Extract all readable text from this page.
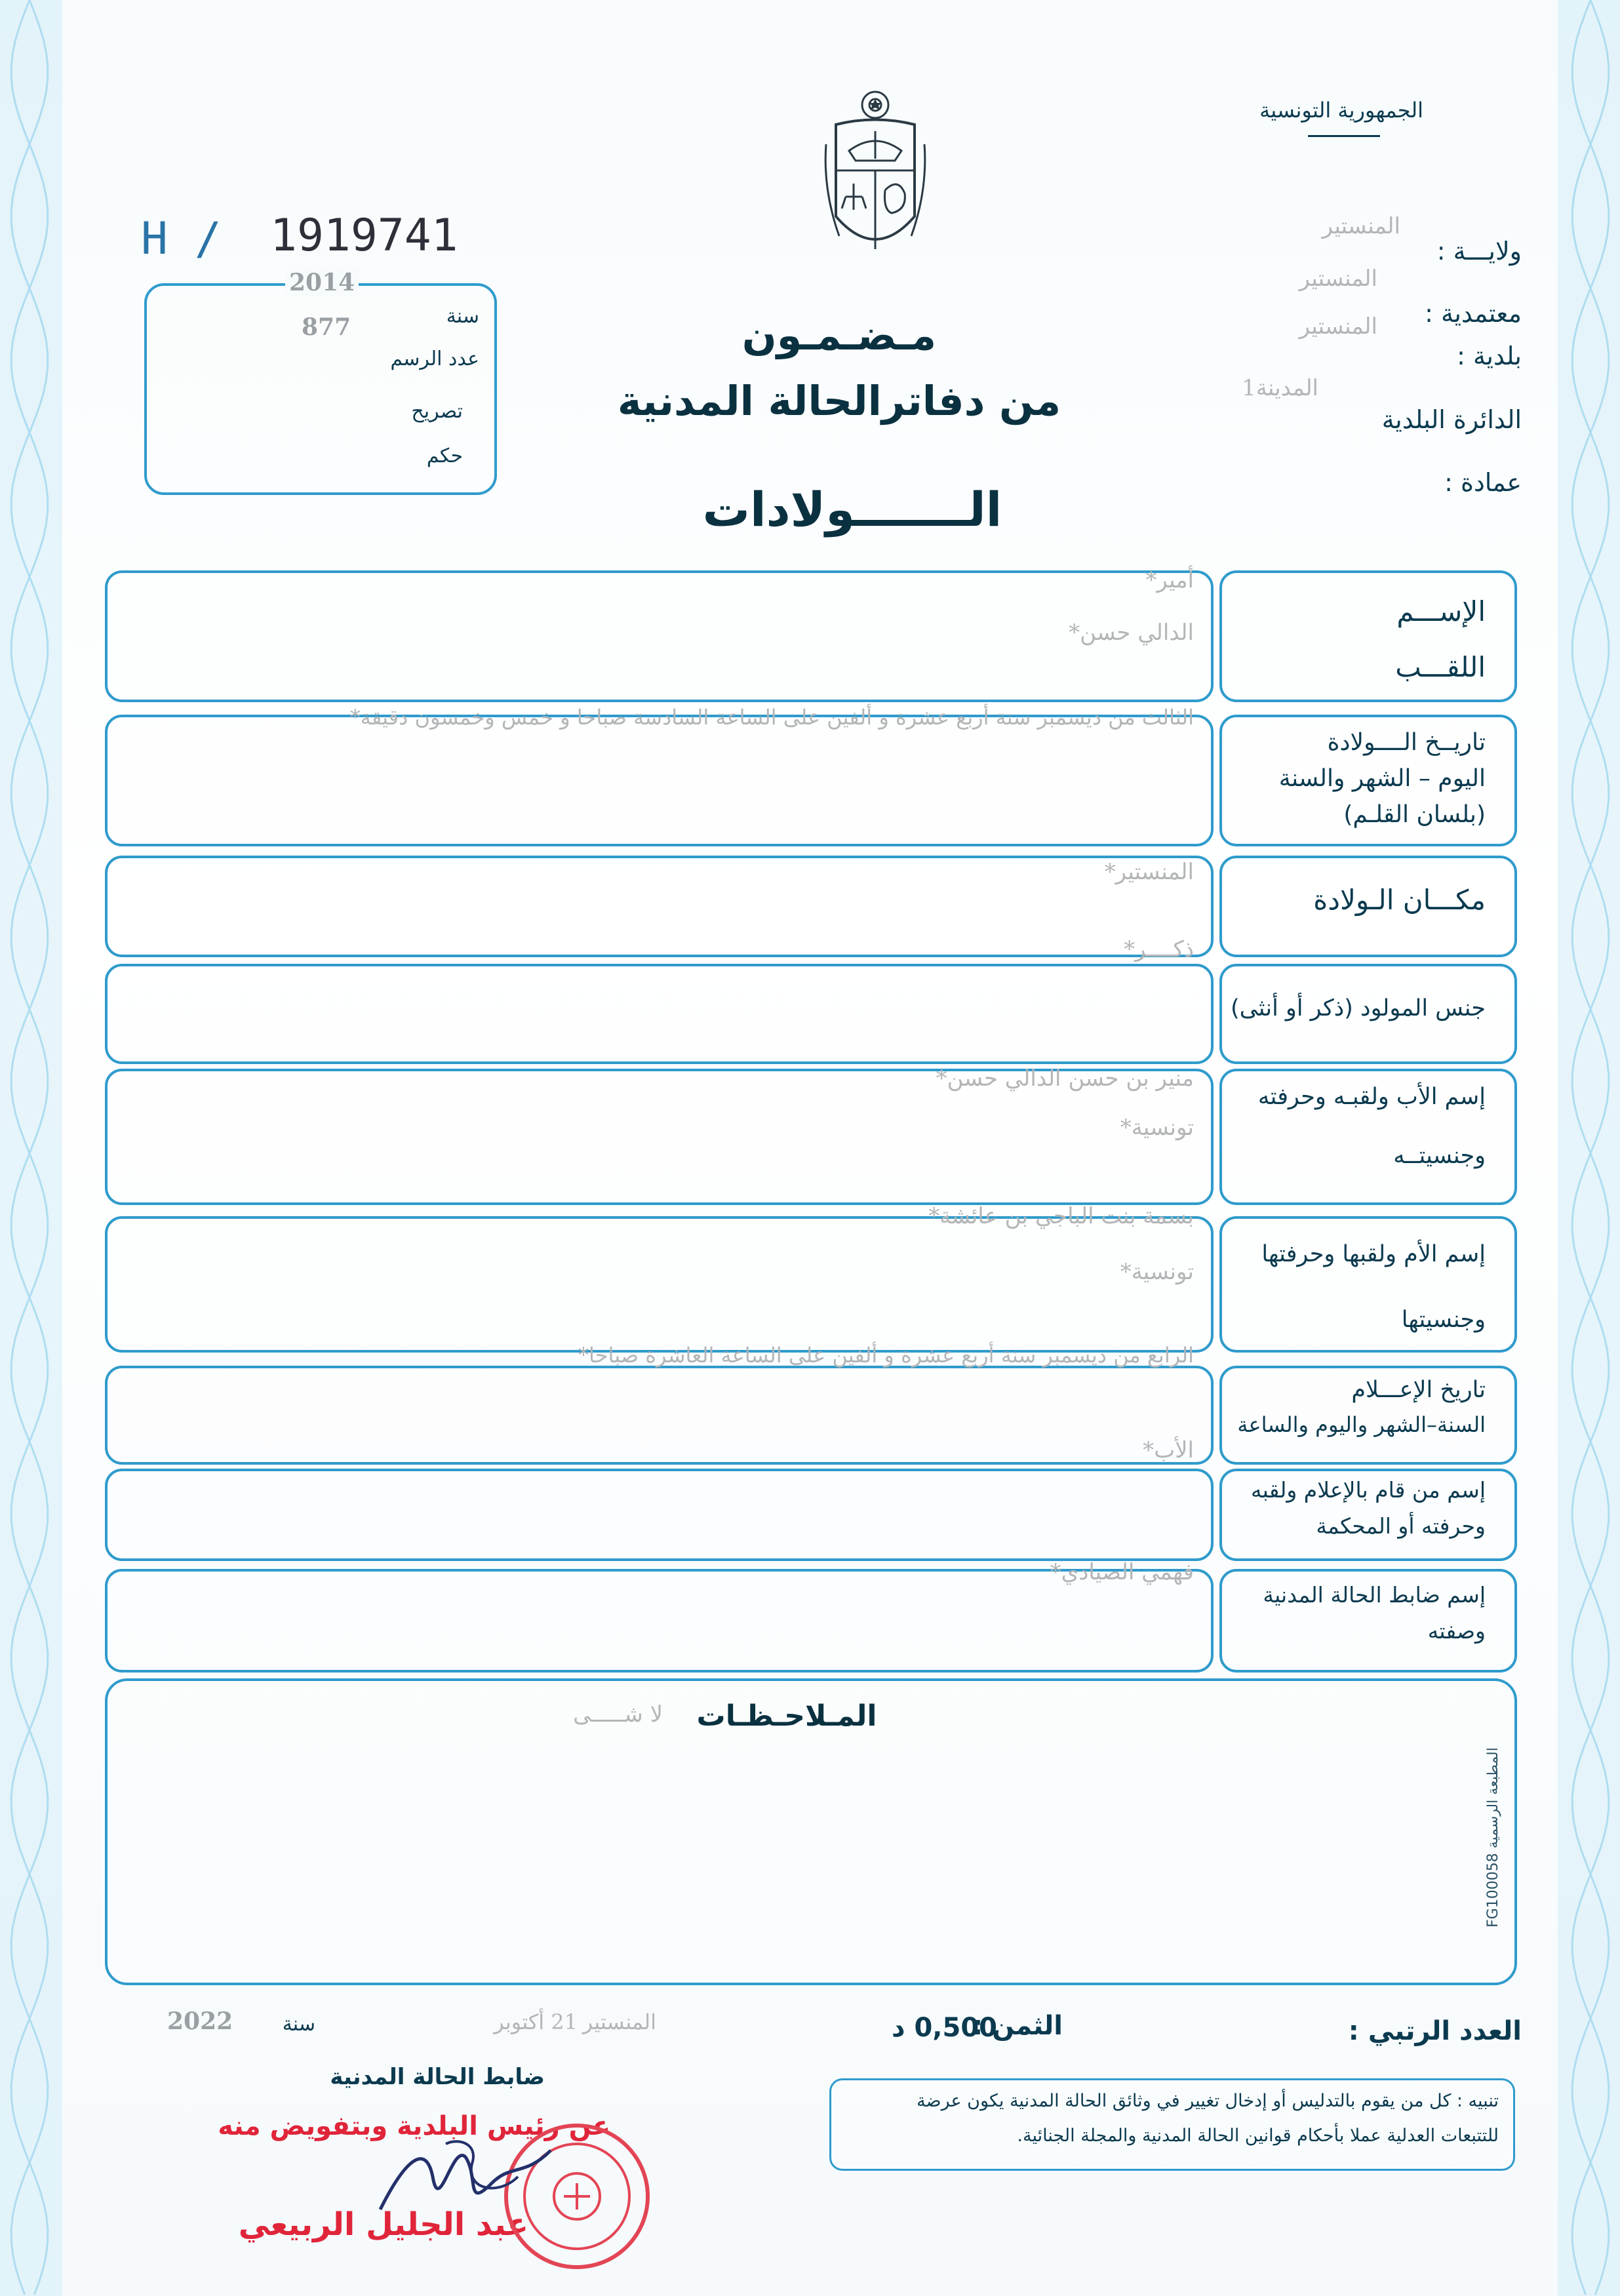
الجمهورية التونسية
H / 1919741
2014
877	سنة
عدد الرسم
تصريح
حكم
ولايـــة :
المنستير
معتمدية :
المنستير
بلدية :
المنستير
الدائرة البلدية
المدينة1
عمادة :
مـضـمـون
من دفاترالحالة المدنية
الـــــــولادات
الإســـم
اللقـــب
أمير*
الدالي حسن*
تاريــخ الــــولادة
اليوم – الشهر والسنة
(بلسان القلـم)
الثالث من ديسمبر سنة أربع عشرة و ألفين على الساعة السادسة صباحا و خمس وخمسون دقيقة*
مكـــان الـولادة
المنستير*
جنس المولود (ذكر أو أنثى)
ذكــــر*
إسم الأب ولقبـه وحرفته
وجنسيتــه
منير بن حسن الدالي حسن*
تونسية*
إسم الأم ولقبها وحرفتها
وجنسيتها
بسمة بنت الباجي بن عائشة*
تونسية*
تاريخ الإعـــلام
السنة–الشهر واليوم والساعة
الرابع من ديسمبر سنة أربع عشرة و ألفين على الساعة العاشرة صباحا*
إسم من قام بالإعلام ولقبه
وحرفته أو المحكمة
الأب*
إسم ضابط الحالة المدنية
وصفته
فهمي الصيادي*
المـلاحـظـات
لا شـــــى
المطبعة الرسمية FG100058
العدد الرتبي :
الثمن :
0,500 د
المنستير
21 أكتوبر
سنة
2022
ضابط الحالة المدنية
تنبيه : كل من يقوم بالتدليس أو إدخال تغيير في وثائق الحالة المدنية يكون عرضة
للتتبعات العدلية عملا بأحكام قوانين الحالة المدنية والمجلة الجنائية.
عن رئيس البلدية وبتفويض منه
عبد الجليل الربيعي
